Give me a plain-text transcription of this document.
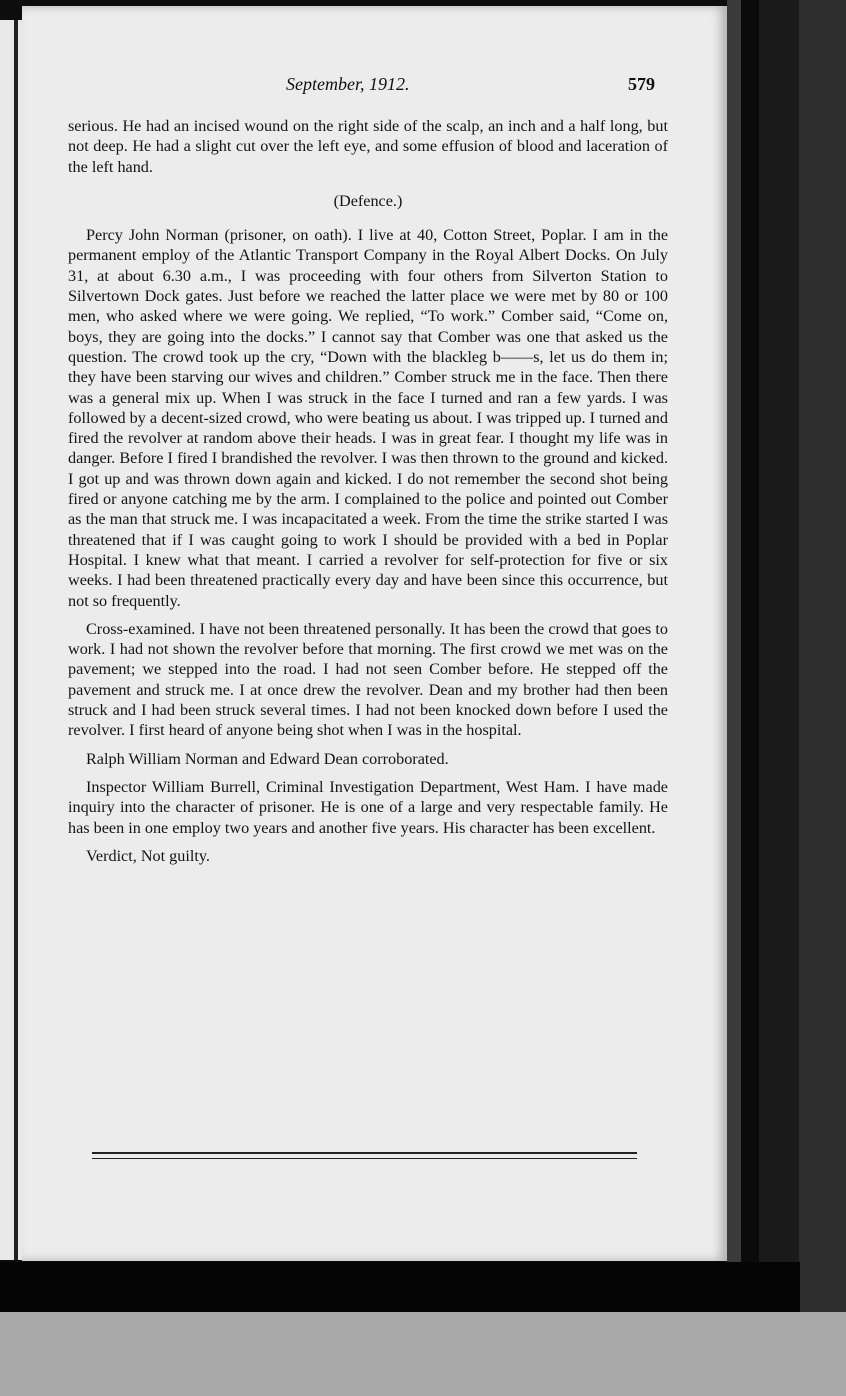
September, 1912.	579

serious. He had an incised wound on the right side of the scalp, an inch and a half long, but not deep. He had a slight cut over the left eye, and some effusion of blood and laceration of the left hand.

(Defence.)

Percy John Norman (prisoner, on oath). I live at 40, Cotton Street, Poplar. I am in the permanent employ of the Atlantic Transport Company in the Royal Albert Docks. On July 31, at about 6.30 a.m., I was proceeding with four others from Silverton Station to Silvertown Dock gates. Just before we reached the latter place we were met by 80 or 100 men, who asked where we were going. We replied, “To work.” Comber said, “Come on, boys, they are going into the docks.” I cannot say that Comber was one that asked us the question. The crowd took up the cry, “Down with the blackleg b——s, let us do them in; they have been starving our wives and children.” Comber struck me in the face. Then there was a general mix up. When I was struck in the face I turned and ran a few yards. I was followed by a decent-sized crowd, who were beating us about. I was tripped up. I turned and fired the revolver at random above their heads. I was in great fear. I thought my life was in danger. Before I fired I brandished the revolver. I was then thrown to the ground and kicked. I got up and was thrown down again and kicked. I do not remember the second shot being fired or anyone catching me by the arm. I complained to the police and pointed out Comber as the man that struck me. I was incapacitated a week. From the time the strike started I was threatened that if I was caught going to work I should be provided with a bed in Poplar Hospital. I knew what that meant. I carried a revolver for self-protection for five or six weeks. I had been threatened practically every day and have been since this occurrence, but not so frequently.

Cross-examined. I have not been threatened personally. It has been the crowd that goes to work. I had not shown the revolver before that morning. The first crowd we met was on the pavement; we stepped into the road. I had not seen Comber before. He stepped off the pavement and struck me. I at once drew the revolver. Dean and my brother had then been struck and I had been struck several times. I had not been knocked down before I used the revolver. I first heard of anyone being shot when I was in the hospital.

Ralph William Norman and Edward Dean corroborated.

Inspector William Burrell, Criminal Investigation Department, West Ham. I have made inquiry into the character of prisoner. He is one of a large and very respectable family. He has been in one employ two years and another five years. His character has been excellent.

Verdict, Not guilty.
